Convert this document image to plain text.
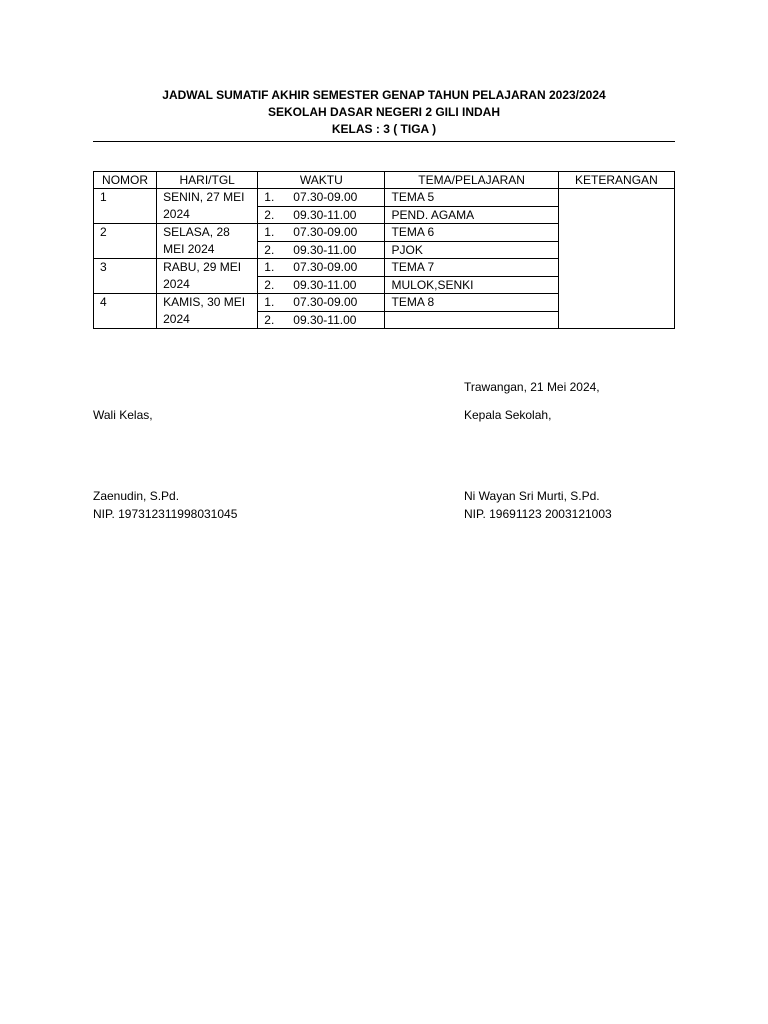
JADWAL SUMATIF AKHIR SEMESTER GENAP TAHUN PELAJARAN 2023/2024
SEKOLAH DASAR NEGERI 2 GILI INDAH
KELAS : 3 ( TIGA )
NOMOR	HARI/TGL	WAKTU	TEMA/PELAJARAN	KETERANGAN
1	SENIN, 27 MEI 2024	1. 07.30-09.00	TEMA 5	
		2. 09.30-11.00	PEND. AGAMA	
2	SELASA, 28 MEI 2024	1. 07.30-09.00	TEMA 6	
		2. 09.30-11.00	PJOK	
3	RABU, 29 MEI 2024	1. 07.30-09.00	TEMA 7	
		2. 09.30-11.00	MULOK,SENKI	
4	KAMIS, 30 MEI 2024	1. 07.30-09.00	TEMA 8	
		2. 09.30-11.00		
Trawangan, 21 Mei 2024,
Wali Kelas,	Kepala Sekolah,
Zaenudin, S.Pd.
NIP. 197312311998031045
Ni Wayan Sri Murti, S.Pd.
NIP. 19691123 2003121003
